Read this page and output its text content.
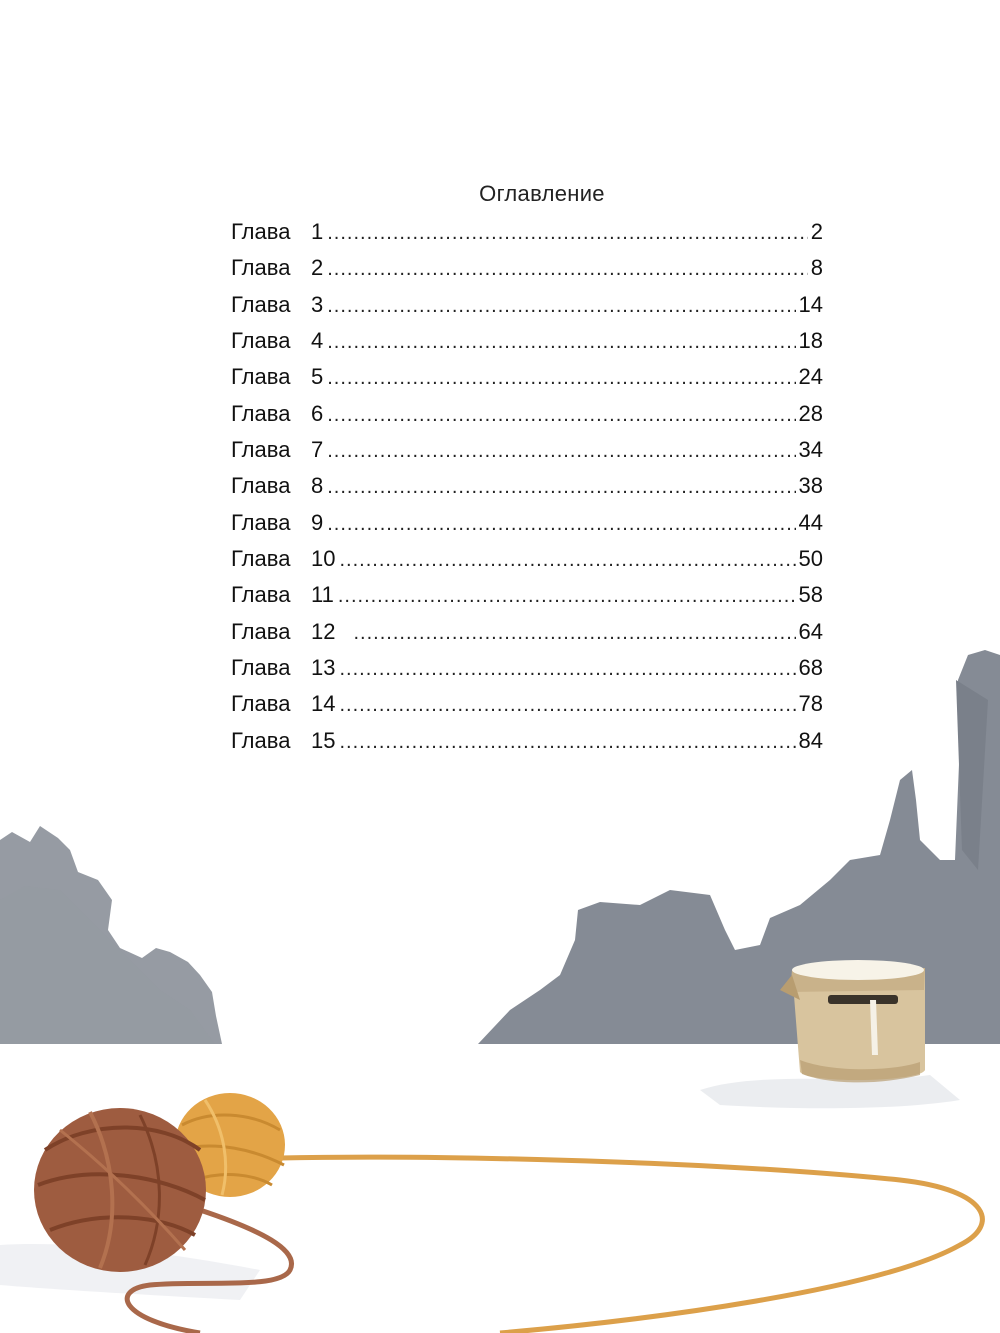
Оглавление
Глава 1 .....	2
Глава 2 .....	8
Глава 3 .....	14
Глава 4 .....	18
Глава 5 .....	24
Глава 6 .....	28
Глава 7 .....	34
Глава 8 .....	38
Глава 9 .....	44
Глава 10 .....	50
Глава 11 .....	58
Глава 12 .....	64
Глава 13 .....	68
Глава 14 .....	78
Глава 15 .....	84
